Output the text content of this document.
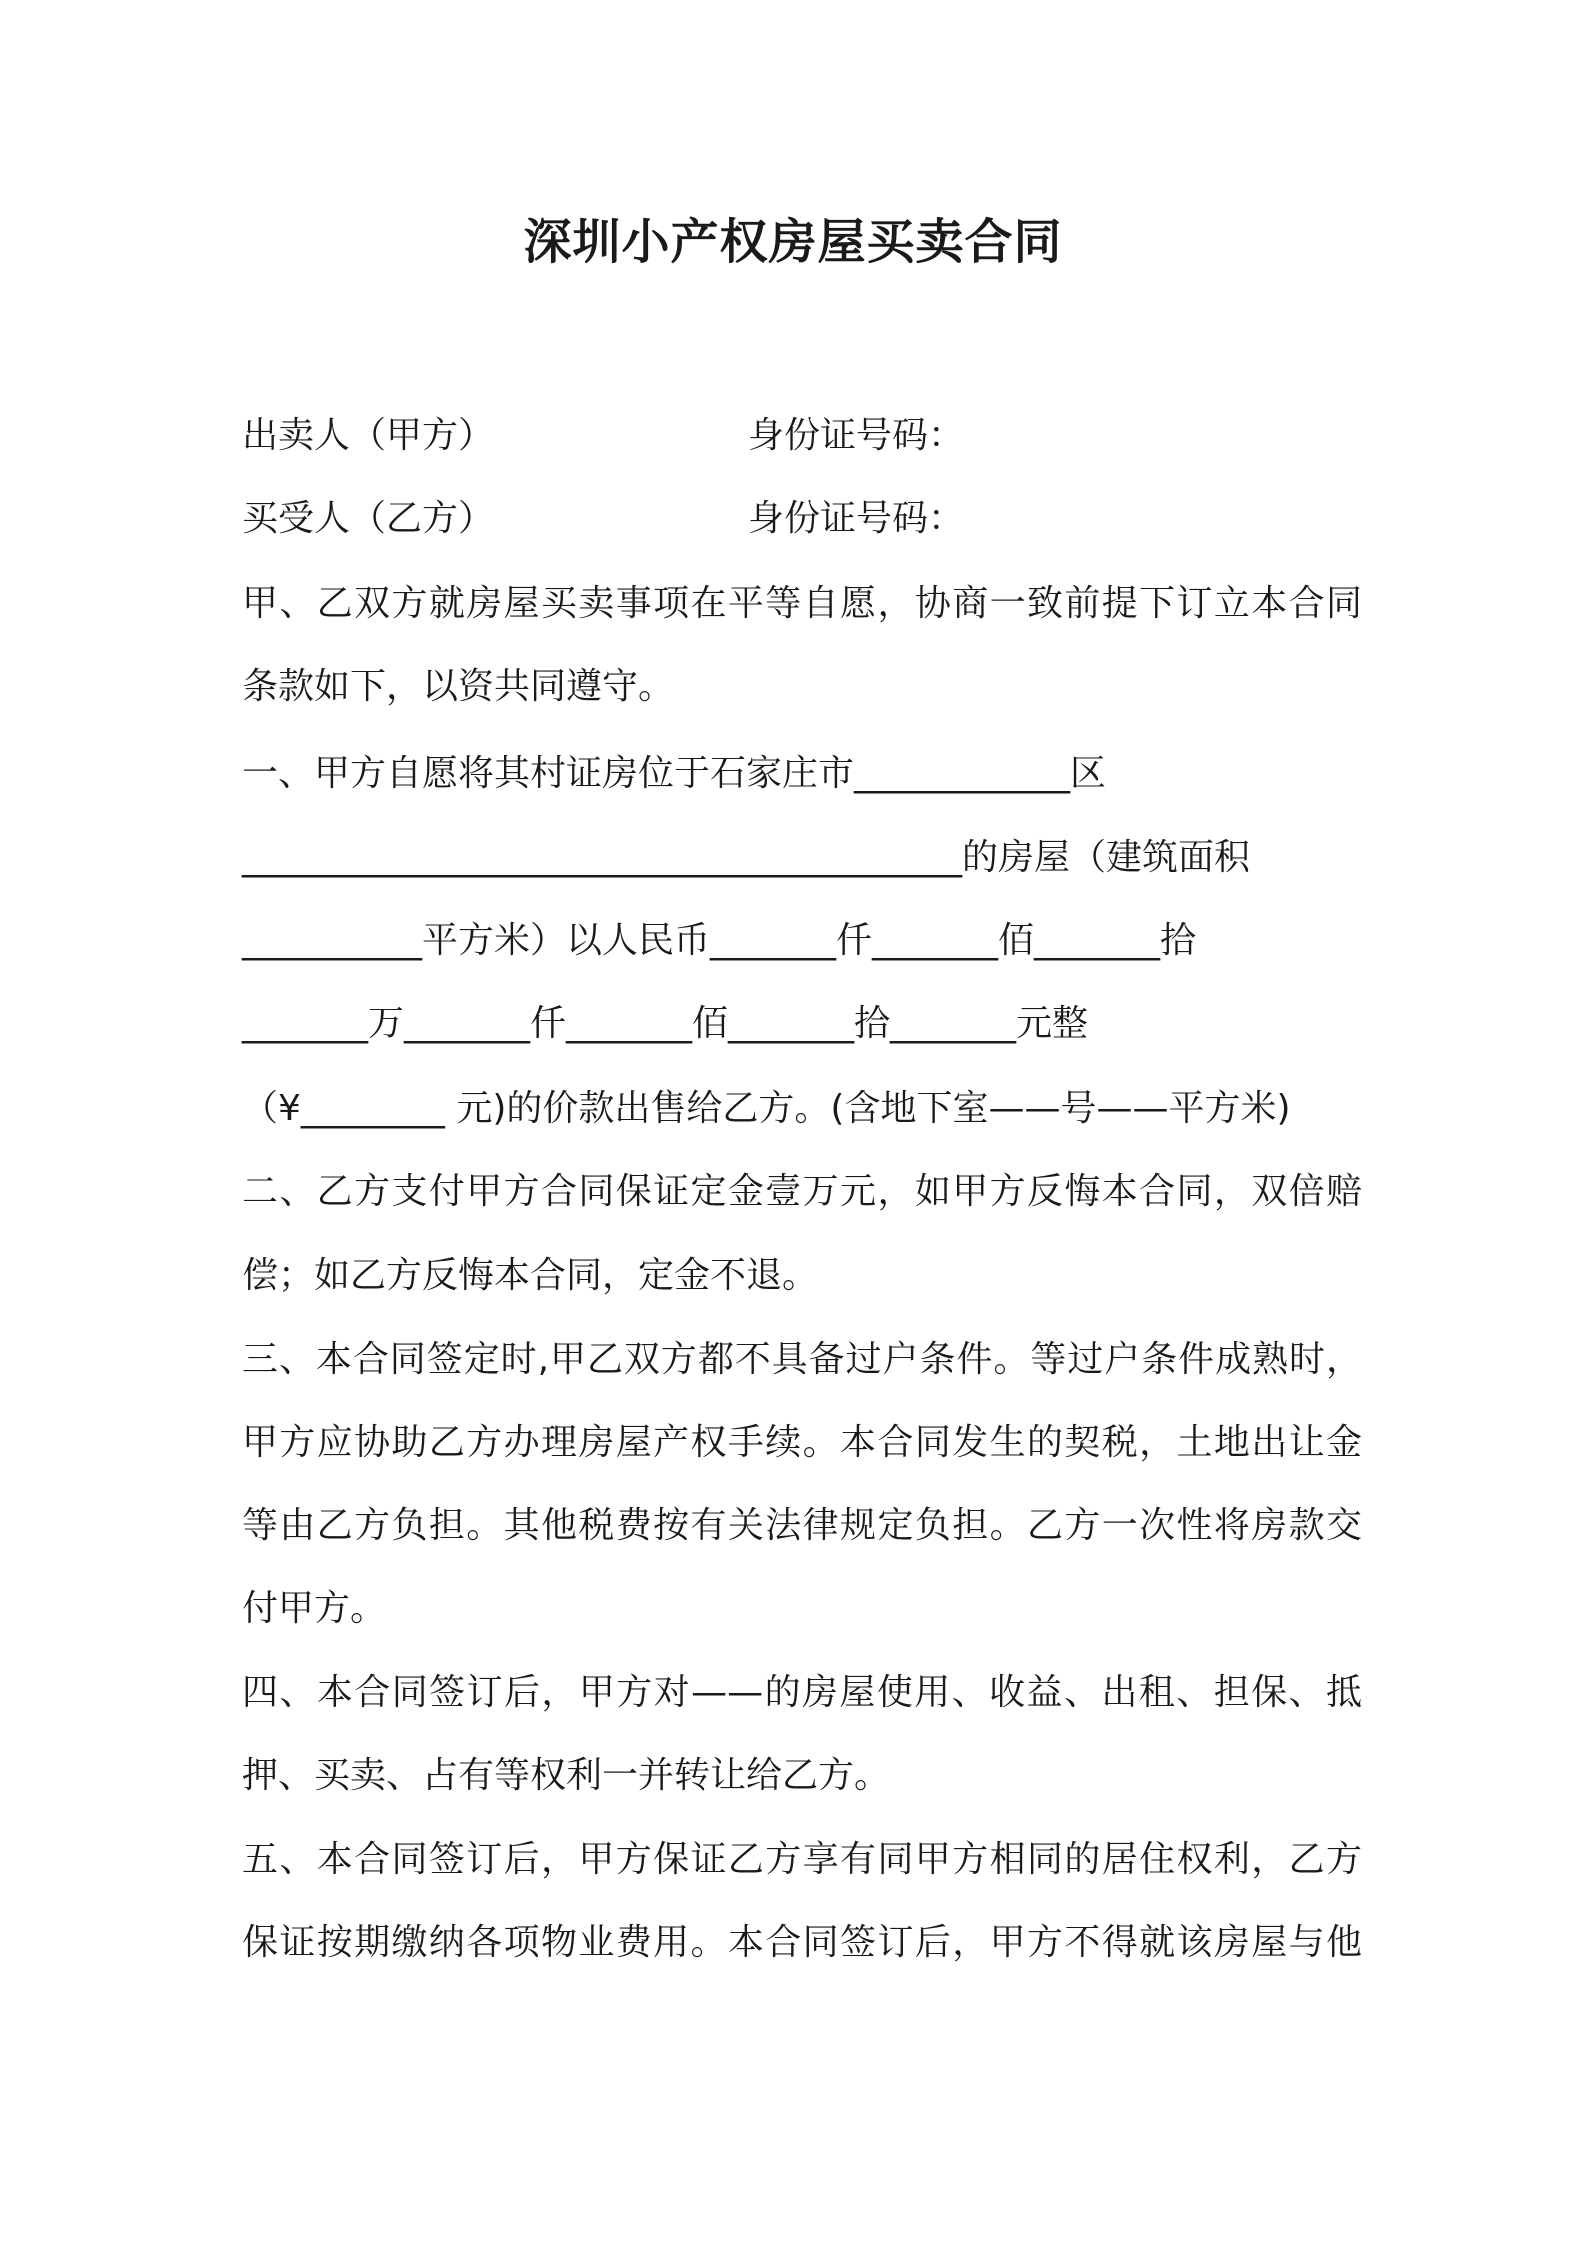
深圳小产权房屋买卖合同
出卖人（甲方）	身份证号码：
买受人（乙方）	身份证号码：
甲、乙双方就房屋买卖事项在平等自愿，协商一致前提下订立本合同
条款如下，以资共同遵守。
一、甲方自愿将其村证房位于石家庄市____________区
________________________________________的房屋（建筑面积
__________平方米）以人民币_______仟_______佰_______拾
_______万_______仟_______佰_______拾_______元整
（¥________ 元)的价款出售给乙方。(含地下室——号——平方米)
二、乙方支付甲方合同保证定金壹万元，如甲方反悔本合同，双倍赔
偿；如乙方反悔本合同，定金不退。
三、本合同签定时,甲乙双方都不具备过户条件。等过户条件成熟时，
甲方应协助乙方办理房屋产权手续。本合同发生的契税，土地出让金
等由乙方负担。其他税费按有关法律规定负担。乙方一次性将房款交
付甲方。
四、本合同签订后，甲方对——的房屋使用、收益、出租、担保、抵
押、买卖、占有等权利一并转让给乙方。
五、本合同签订后，甲方保证乙方享有同甲方相同的居住权利，乙方
保证按期缴纳各项物业费用。本合同签订后，甲方不得就该房屋与他
